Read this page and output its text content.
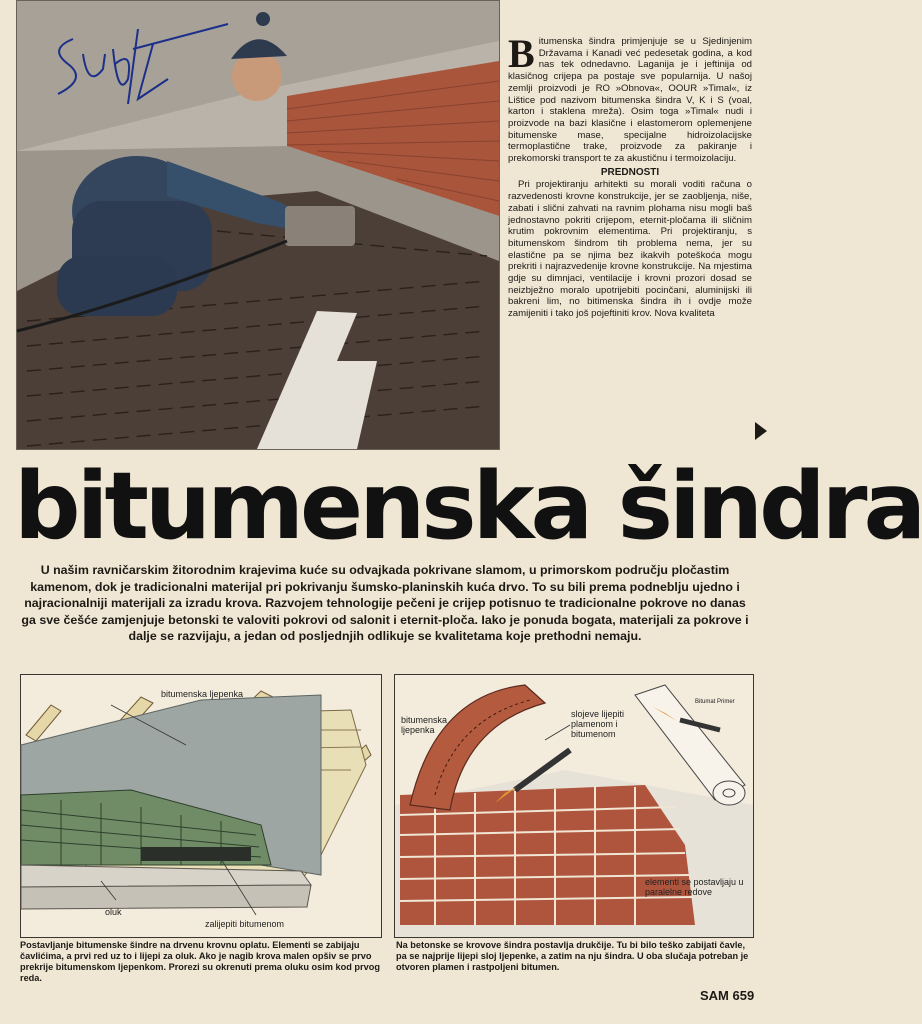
Bitumenska šindra primjenjuje se u Sjedinjenim Državama i Kanadi već pedesetak godina, a kod nas tek odnedavno. Laganija je i jeftinija od klasičnog crijepa pa postaje sve popularnija. U našoj zemlji proizvodi je RO »Obnova«, OOUR »Timal«, iz Lištice pod nazivom bitumenska šindra V, K i S (voal, karton i staklena mreža). Osim toga »Timal« nudi i proizvode na bazi klasične i elastomerom oplemenjene bitumenske mase, specijalne hidroizolacijske termoplastične trake, proizvode za pakiranje i prekomorski transport te za akustičnu i termoizolaciju.

PREDNOSTI

Pri projektiranju arhitekti su morali voditi računa o razvedenosti krovne konstrukcije, jer se zaobljenja, niše, zabati i slični zahvati na ravnim plohama nisu mogli baš jednostavno pokriti crijepom, eternit-pločama ili sličnim krutim pokrovnim elementima. Pri projektiranju, s bitumenskom šindrom tih problema nema, jer su elastične pa se njima bez ikakvih poteškoća mogu prekriti i najrazvedenije krovne konstrukcije. Na mjestima gdje su dimnjaci, ventilacije i krovni prozori dosad se neizbježno moralo upotrijebiti pocinčani, aluminijski ili bakreni lim, no bitimenska šindra ih i ovdje može zamijeniti i tako još pojeftiniti krov. Nova kvaliteta

bitumenska šindra
U našim ravničarskim žitorodnim krajevima kuće su odvajkada pokrivane slamom, u primorskom području pločastim kamenom, dok je tradicionalni materijal pri pokrivanju šumsko-planinskih kuća drvo. To su bili prema podneblju ujedno i najracionalniji materijali za izradu krova. Razvojem tehnologije pečeni je crijep potisnuo te tradicionalne pokrove no danas ga sve češće zamjenjuje betonski te valoviti pokrovi od salonit i eternit-ploča. Iako je ponuda bogata, materijali za pokrove i dalje se razvijaju, a jedan od posljednjih odlikuje se kvalitetama koje prethodni nemaju.
bitumenska ljepenka
oluk
zalijepiti bitumenom
bitumenska ljepenka
slojeve lijepiti plamenom i bitumenom
Bitumat Primer
elementi se postavljaju u paralelne redove
Postavljanje bitumenske šindre na drvenu krovnu oplatu. Elementi se zabijaju čavlićima, a prvi red uz to i lijepi za oluk. Ako je nagib krova malen opšiv se prvo prekrije bitumenskom ljepenkom. Prorezi su okrenuti prema oluku osim kod prvog reda.
Na betonske se krovove šindra postavlja drukčije. Tu bi bilo teško zabijati čavle, pa se najprije lijepi sloj ljepenke, a zatim na nju šindra. U oba slučaja potreban je otvoren plamen i rastpoljeni bitumen.
SAM 659
